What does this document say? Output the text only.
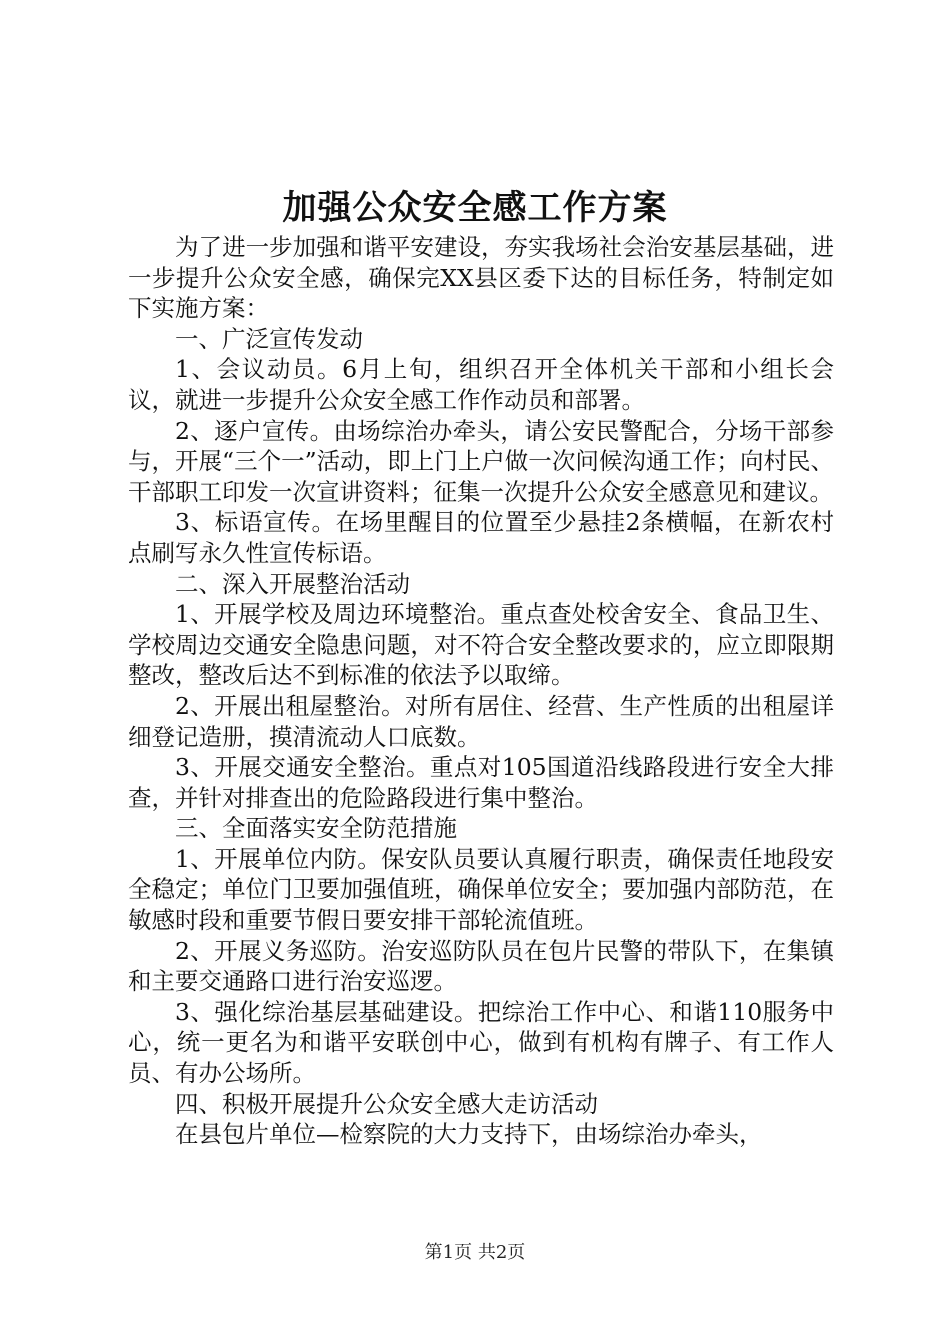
加强公众安全感工作方案

为了进一步加强和谐平安建设，夯实我场社会治安基层基础，进一步提升公众安全感，确保完XX县区委下达的目标任务，特制定如下实施方案：

一、广泛宣传发动

1、会议动员。6月上旬，组织召开全体机关干部和小组长会议，就进一步提升公众安全感工作作动员和部署。

2、逐户宣传。由场综治办牵头，请公安民警配合，分场干部参与，开展“三个一”活动，即上门上户做一次问候沟通工作；向村民、干部职工印发一次宣讲资料；征集一次提升公众安全感意见和建议。

3、标语宣传。在场里醒目的位置至少悬挂2条横幅，在新农村点刷写永久性宣传标语。

二、深入开展整治活动

1、开展学校及周边环境整治。重点查处校舍安全、食品卫生、学校周边交通安全隐患问题，对不符合安全整改要求的，应立即限期整改，整改后达不到标准的依法予以取缔。

2、开展出租屋整治。对所有居住、经营、生产性质的出租屋详细登记造册，摸清流动人口底数。

3、开展交通安全整治。重点对105国道沿线路段进行安全大排查，并针对排查出的危险路段进行集中整治。

三、全面落实安全防范措施

1、开展单位内防。保安队员要认真履行职责，确保责任地段安全稳定；单位门卫要加强值班，确保单位安全；要加强内部防范，在敏感时段和重要节假日要安排干部轮流值班。

2、开展义务巡防。治安巡防队员在包片民警的带队下，在集镇和主要交通路口进行治安巡逻。

3、强化综治基层基础建设。把综治工作中心、和谐110服务中心，统一更名为和谐平安联创中心，做到有机构有牌子、有工作人员、有办公场所。

四、积极开展提升公众安全感大走访活动

在县包片单位—检察院的大力支持下，由场综治办牵头，

第1页 共2页
